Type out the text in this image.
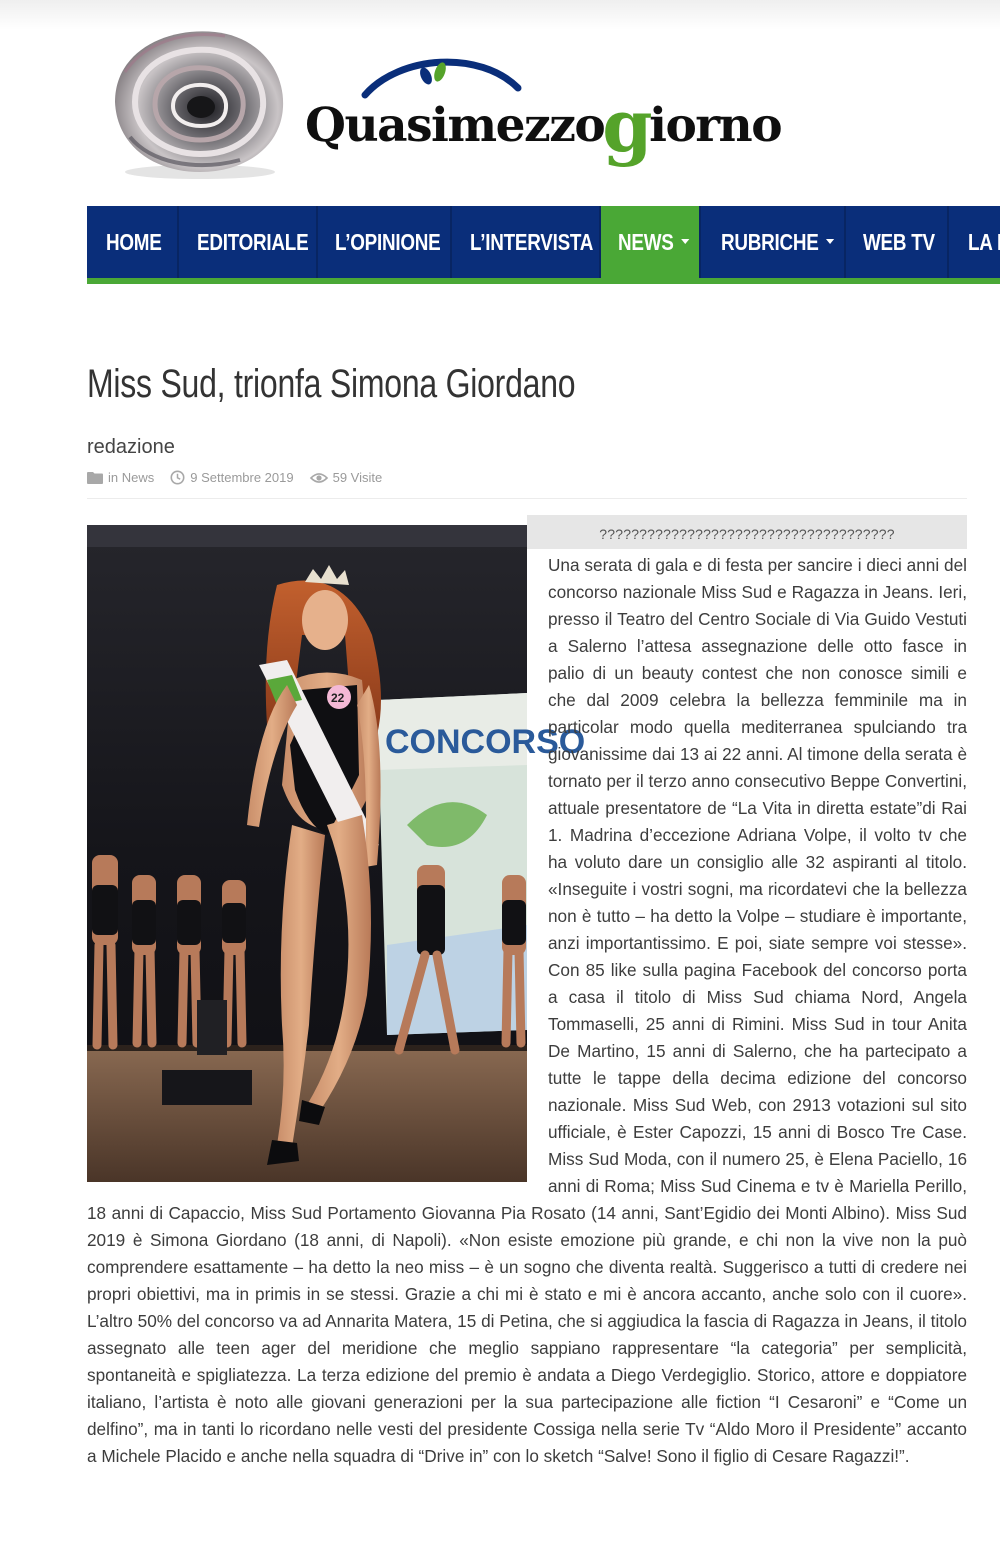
Quasimezzogiorno
HOME EDITORIALE L’OPINIONE L’INTERVISTA NEWS	RUBRICHE	WEB TV LA F
Miss Sud, trionfa Simona Giordano
redazione
in News	9 Settembre 2019	59 Visite
?????????????????????????????????????
CONCORSO
22
Una serata di gala e di festa per sancire i dieci anni del concorso nazionale Miss Sud e Ragazza in Jeans. Ieri, presso il Teatro del Centro Sociale di Via Guido Vestuti a Salerno l’attesa assegnazione delle otto fasce in palio di un beauty contest che non conosce simili e che dal 2009 celebra la bellezza femminile ma in particolar modo quella mediterranea spulciando tra giovanissime dai 13 ai 22 anni. Al timone della serata è tornato per il terzo anno consecutivo Beppe Convertini, attuale presentatore de “La Vita in diretta estate”di Rai 1. Madrina d’eccezione Adriana Volpe, il volto tv che ha voluto dare un consiglio alle 32 aspiranti al titolo. «Inseguite i vostri sogni, ma ricordatevi che la bellezza non è tutto – ha detto la Volpe – studiare è importante, anzi importantissimo. E poi, siate sempre voi stesse». Con 85 like sulla pagina Facebook del concorso porta a casa il titolo di Miss Sud chiama Nord, Angela Tommaselli, 25 anni di Rimini. Miss Sud in tour Anita De Martino, 15 anni di Salerno, che ha partecipato a tutte le tappe della decima edizione del concorso nazionale. Miss Sud Web, con 2913 votazioni sul sito ufficiale, è Ester Capozzi, 15 anni di Bosco Tre Case. Miss Sud Moda, con il numero 25, è Elena Paciello, 16 anni di Roma; Miss Sud Cinema e tv è Mariella Perillo, 18 anni di Capaccio, Miss Sud Portamento Giovanna Pia Rosato (14 anni, Sant’Egidio dei Monti Albino). Miss Sud 2019 è Simona Giordano (18 anni, di Napoli). «Non esiste emozione più grande, e chi non la vive non la può comprendere esattamente – ha detto la neo miss – è un sogno che diventa realtà. Suggerisco a tutti di credere nei propri obiettivi, ma in primis in se stessi. Grazie a chi mi è stato e mi è ancora accanto, anche solo con il cuore». L’altro 50% del concorso va ad Annarita Matera, 15 di Petina, che si aggiudica la fascia di Ragazza in Jeans, il titolo assegnato alle teen ager del meridione che meglio sappiano rappresentare “la categoria” per semplicità, spontaneità e spigliatezza. La terza edizione del premio è andata a Diego Verdegiglio. Storico, attore e doppiatore italiano, l’artista è noto alle giovani generazioni per la sua partecipazione alle fiction “I Cesaroni” e “Come un delfino”, ma in tanti lo ricordano nelle vesti del presidente Cossiga nella serie Tv “Aldo Moro il Presidente” accanto a Michele Placido e anche nella squadra di “Drive in” con lo sketch “Salve! Sono il figlio di Cesare Ragazzi!”.
